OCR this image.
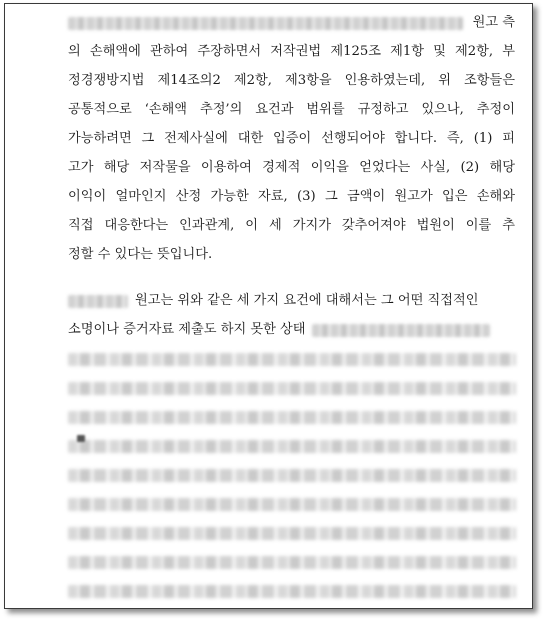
원고 측
의 손해액에 관하여 주장하면서 저작권법 제125조 제1항 및 제2항, 부
정경쟁방지법 제14조의2 제2항, 제3항을 인용하였는데, 위 조항들은
공통적으로 ‘손해액 추정’의 요건과 범위를 규정하고 있으나, 추정이
가능하려면 그 전제사실에 대한 입증이 선행되어야 합니다. 즉, (1) 피
고가 해당 저작물을 이용하여 경제적 이익을 얻었다는 사실, (2) 해당
이익이 얼마인지 산정 가능한 자료, (3) 그 금액이 원고가 입은 손해와
직접 대응한다는 인과관계, 이 세 가지가 갖추어져야 법원이 이를 추
정할 수 있다는 뜻입니다.
원고는 위와 같은 세 가지 요건에 대해서는 그 어떤 직접적인
소명이나 증거자료 제출도 하지 못한 상태
